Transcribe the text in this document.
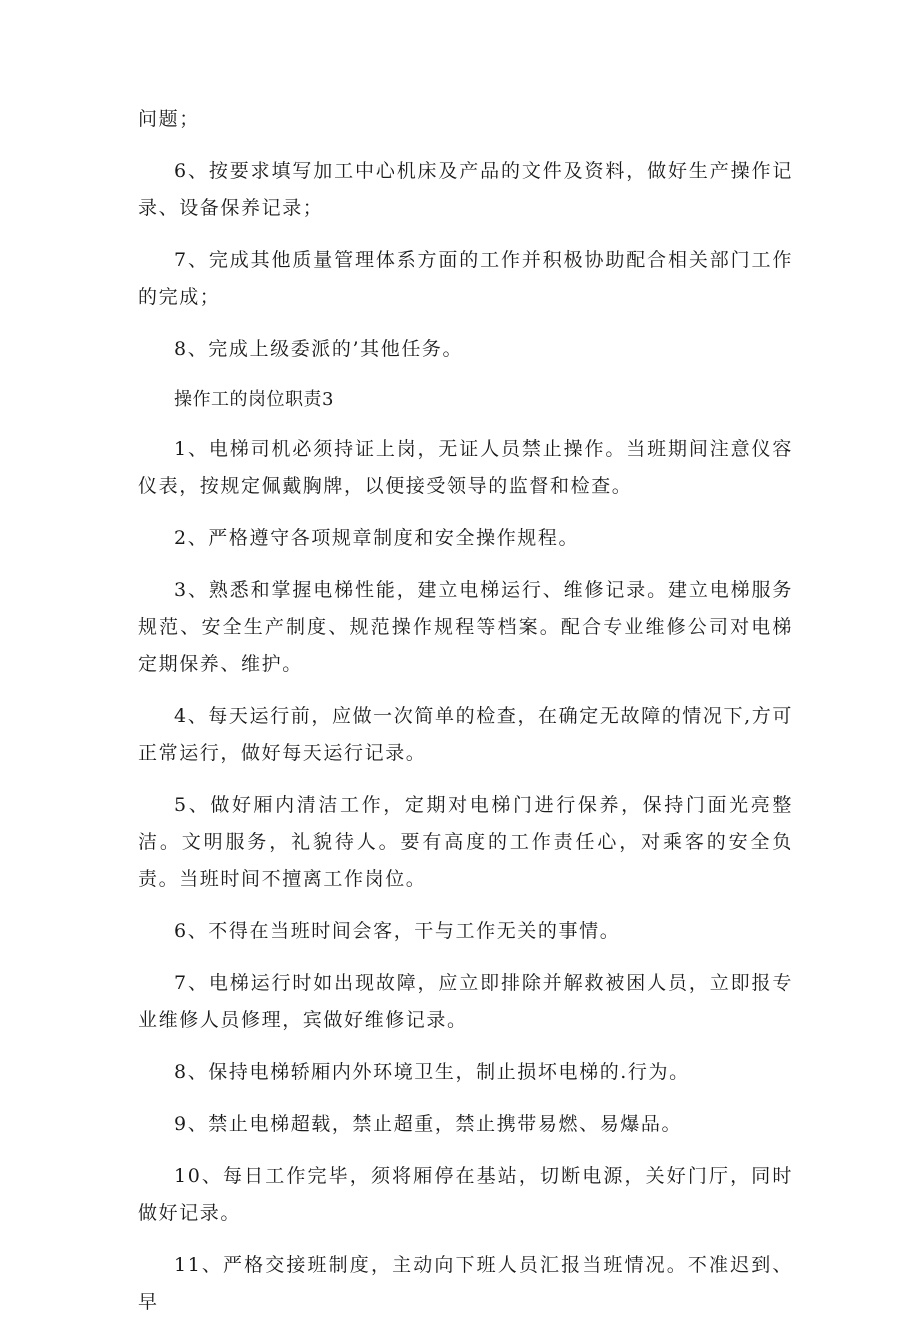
问题；

6、按要求填写加工中心机床及产品的文件及资料，做好生产操作记录、设备保养记录；

7、完成其他质量管理体系方面的工作并积极协助配合相关部门工作的完成；

8、完成上级委派的’其他任务。

操作工的岗位职责3

1、电梯司机必须持证上岗，无证人员禁止操作。当班期间注意仪容仪表，按规定佩戴胸牌，以便接受领导的监督和检查。

2、严格遵守各项规章制度和安全操作规程。

3、熟悉和掌握电梯性能，建立电梯运行、维修记录。建立电梯服务规范、安全生产制度、规范操作规程等档案。配合专业维修公司对电梯定期保养、维护。

4、每天运行前，应做一次简单的检查，在确定无故障的情况下,方可正常运行，做好每天运行记录。

5、做好厢内清洁工作，定期对电梯门进行保养，保持门面光亮整洁。文明服务，礼貌待人。要有高度的工作责任心，对乘客的安全负责。当班时间不擅离工作岗位。

6、不得在当班时间会客，干与工作无关的事情。

7、电梯运行时如出现故障，应立即排除并解救被困人员，立即报专业维修人员修理，宾做好维修记录。

8、保持电梯轿厢内外环境卫生，制止损坏电梯的.行为。

9、禁止电梯超载，禁止超重，禁止携带易燃、易爆品。

10、每日工作完毕，须将厢停在基站，切断电源，关好门厅，同时做好记录。

11、严格交接班制度，主动向下班人员汇报当班情况。不准迟到、早
